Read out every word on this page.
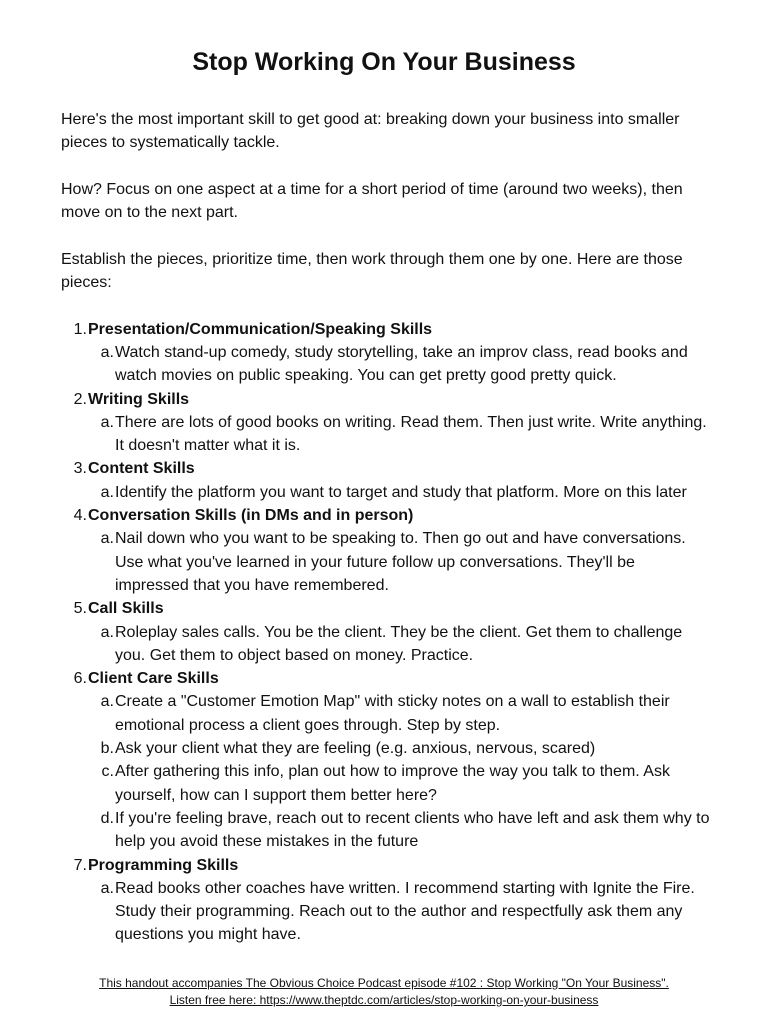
Stop Working On Your Business

Here's the most important skill to get good at: breaking down your business into smaller pieces to systematically tackle.

How? Focus on one aspect at a time for a short period of time (around two weeks), then move on to the next part.

Establish the pieces, prioritize time, then work through them one by one. Here are those pieces:

1. Presentation/Communication/Speaking Skills
a. Watch stand-up comedy, study storytelling, take an improv class, read books and watch movies on public speaking. You can get pretty good pretty quick.
2. Writing Skills
a. There are lots of good books on writing. Read them. Then just write. Write anything. It doesn't matter what it is.
3. Content Skills
a. Identify the platform you want to target and study that platform. More on this later
4. Conversation Skills (in DMs and in person)
a. Nail down who you want to be speaking to. Then go out and have conversations. Use what you've learned in your future follow up conversations. They'll be impressed that you have remembered.
5. Call Skills
a. Roleplay sales calls. You be the client. They be the client. Get them to challenge you. Get them to object based on money. Practice.
6. Client Care Skills
a. Create a "Customer Emotion Map" with sticky notes on a wall to establish their emotional process a client goes through. Step by step.
b. Ask your client what they are feeling (e.g. anxious, nervous, scared)
c. After gathering this info, plan out how to improve the way you talk to them. Ask yourself, how can I support them better here?
d. If you're feeling brave, reach out to recent clients who have left and ask them why to help you avoid these mistakes in the future
7. Programming Skills
a. Read books other coaches have written. I recommend starting with Ignite the Fire. Study their programming. Reach out to the author and respectfully ask them any questions you might have.
This handout accompanies The Obvious Choice Podcast episode #102 : Stop Working "On Your Business".
Listen free here: https://www.theptdc.com/articles/stop-working-on-your-business
